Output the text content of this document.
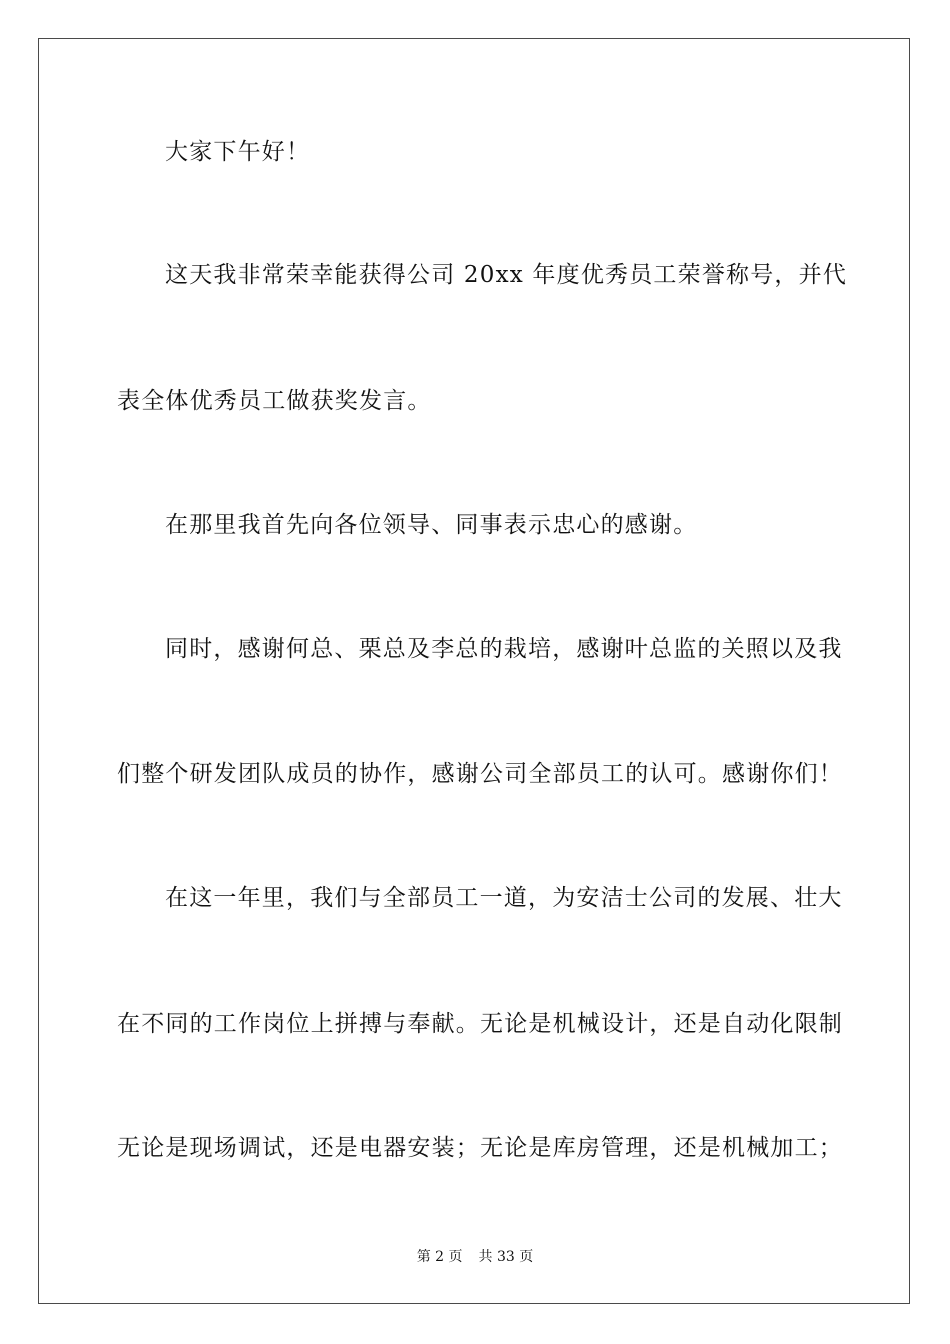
大家下午好！
这天我非常荣幸能获得公司 20xx 年度优秀员工荣誉称号，并代
表全体优秀员工做获奖发言。
在那里我首先向各位领导、同事表示忠心的感谢。
同时，感谢何总、栗总及李总的栽培，感谢叶总监的关照以及我
们整个研发团队成员的协作，感谢公司全部员工的认可。感谢你们！
在这一年里，我们与全部员工一道，为安洁士公司的发展、壮大
在不同的工作岗位上拼搏与奉献。无论是机械设计，还是自动化限制
无论是现场调试，还是电器安装；无论是库房管理，还是机械加工；
第 2 页 共 33 页
